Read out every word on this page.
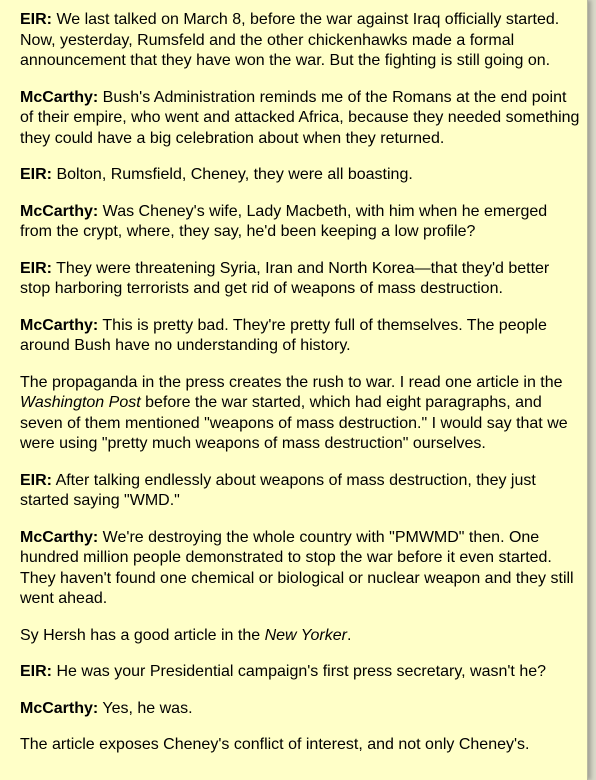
EIR: We last talked on March 8, before the war against Iraq officially started. Now, yesterday, Rumsfeld and the other chickenhawks made a formal announcement that they have won the war. But the fighting is still going on.

McCarthy: Bush's Administration reminds me of the Romans at the end point of their empire, who went and attacked Africa, because they needed something they could have a big celebration about when they returned.

EIR: Bolton, Rumsfield, Cheney, they were all boasting.

McCarthy: Was Cheney's wife, Lady Macbeth, with him when he emerged from the crypt, where, they say, he'd been keeping a low profile?

EIR: They were threatening Syria, Iran and North Korea—that they'd better stop harboring terrorists and get rid of weapons of mass destruction.

McCarthy: This is pretty bad. They're pretty full of themselves. The people around Bush have no understanding of history.

The propaganda in the press creates the rush to war. I read one article in the Washington Post before the war started, which had eight paragraphs, and seven of them mentioned "weapons of mass destruction." I would say that we were using "pretty much weapons of mass destruction" ourselves.

EIR: After talking endlessly about weapons of mass destruction, they just started saying "WMD."

McCarthy: We're destroying the whole country with "PMWMD" then. One hundred million people demonstrated to stop the war before it even started. They haven't found one chemical or biological or nuclear weapon and they still went ahead.

Sy Hersh has a good article in the New Yorker.

EIR: He was your Presidential campaign's first press secretary, wasn't he?

McCarthy: Yes, he was.

The article exposes Cheney's conflict of interest, and not only Cheney's.
